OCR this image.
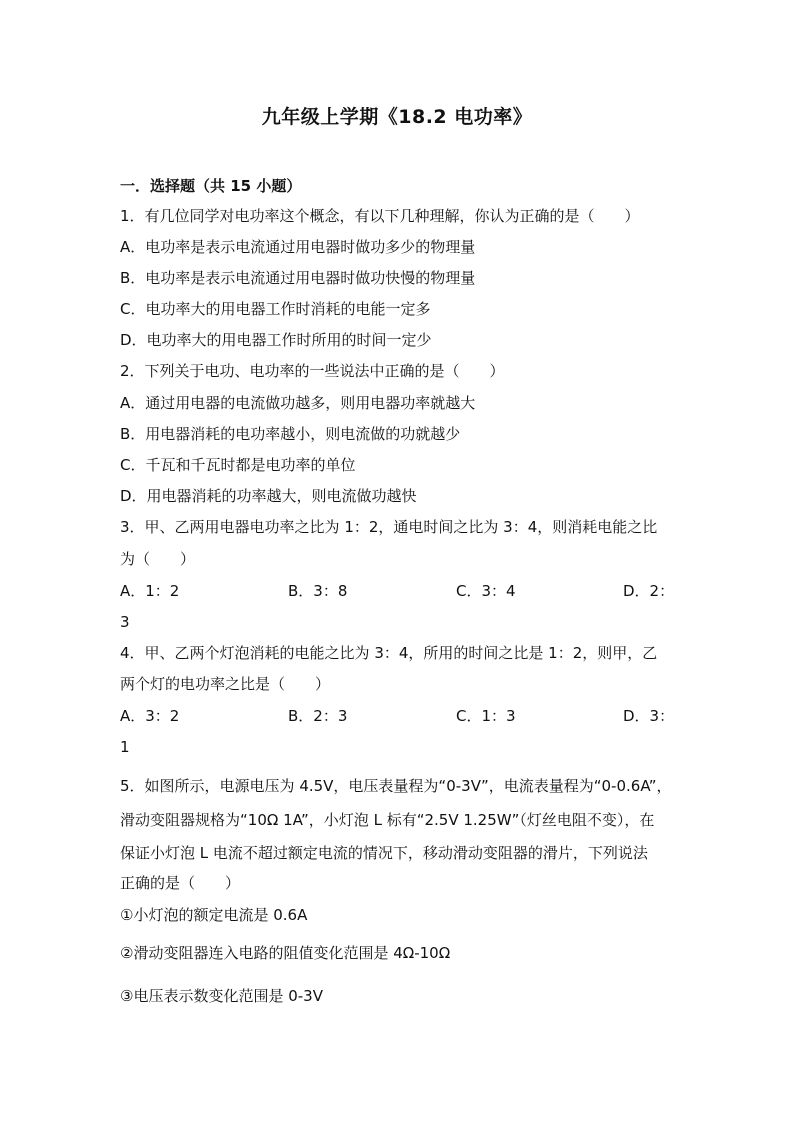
九年级上学期《18.2 电功率》
一．选择题（共 15 小题）
1．有几位同学对电功率这个概念，有以下几种理解，你认为正确的是（　　）
A．电功率是表示电流通过用电器时做功多少的物理量
B．电功率是表示电流通过用电器时做功快慢的物理量
C．电功率大的用电器工作时消耗的电能一定多
D．电功率大的用电器工作时所用的时间一定少
2．下列关于电功、电功率的一些说法中正确的是（　　）
A．通过用电器的电流做功越多，则用电器功率就越大
B．用电器消耗的电功率越小，则电流做的功就越少
C．千瓦和千瓦时都是电功率的单位
D．用电器消耗的功率越大，则电流做功越快
3．甲、乙两用电器电功率之比为 1：2，通电时间之比为 3：4，则消耗电能之比
为（　　）
A．1：2	B．3：8	C．3：4	D．2：
3
4．甲、乙两个灯泡消耗的电能之比为 3：4，所用的时间之比是 1：2，则甲，乙
两个灯的电功率之比是（　　）
A．3：2	B．2：3	C．1：3	D．3：
1
5．如图所示，电源电压为 4.5V，电压表量程为“0-3V”，电流表量程为“0-0.6A”，
滑动变阻器规格为“10Ω 1A”，小灯泡 L 标有“2.5V 1.25W”（灯丝电阻不变），在
保证小灯泡 L 电流不超过额定电流的情况下，移动滑动变阻器的滑片，下列说法
正确的是（　　）
①小灯泡的额定电流是 0.6A
②滑动变阻器连入电路的阻值变化范围是 4Ω-10Ω
③电压表示数变化范围是 0-3V
